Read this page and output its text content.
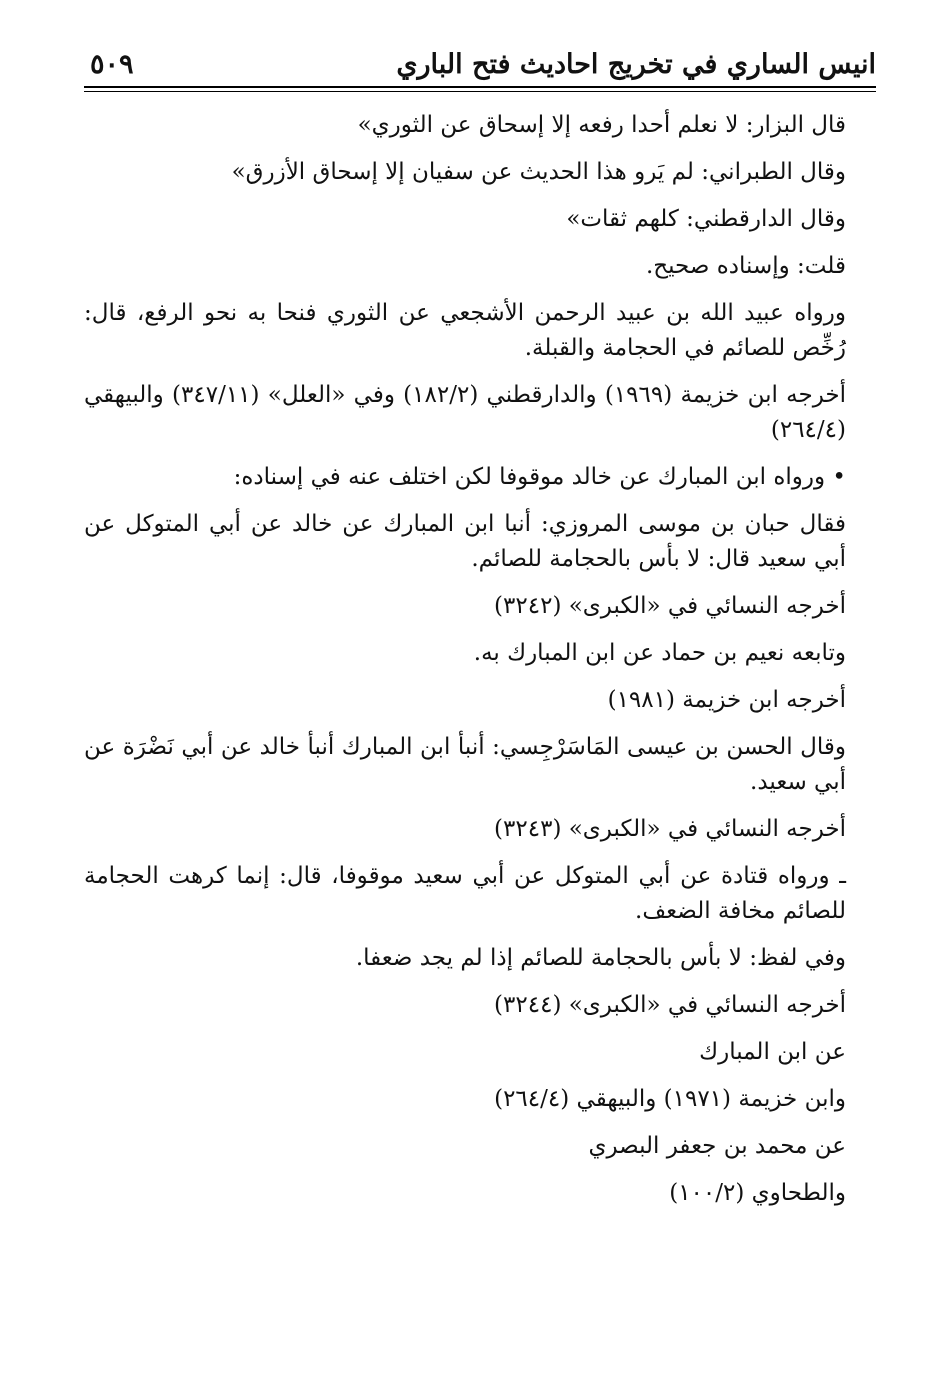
انيس الساري في تخريج احاديث فتح الباري
٥٠٩

قال البزار: لا نعلم أحدا رفعه إلا إسحاق عن الثوري»

وقال الطبراني: لم يَرو هذا الحديث عن سفيان إلا إسحاق الأزرق»

وقال الدارقطني: كلهم ثقات»

قلت: وإسناده صحيح.

ورواه عبيد الله بن عبيد الرحمن الأشجعي عن الثوري فنحا به نحو الرفع، قال: رُخِّص للصائم في الحجامة والقبلة.

أخرجه ابن خزيمة (١٩٦٩) والدارقطني (١٨٢/٢) وفي «العلل» (٣٤٧/١١) والبيهقي (٢٦٤/٤)

• ورواه ابن المبارك عن خالد موقوفا لكن اختلف عنه في إسناده:

فقال حبان بن موسى المروزي: أنبا ابن المبارك عن خالد عن أبي المتوكل عن أبي سعيد قال: لا بأس بالحجامة للصائم.

أخرجه النسائي في «الكبرى» (٣٢٤٢)

وتابعه نعيم بن حماد عن ابن المبارك به.

أخرجه ابن خزيمة (١٩٨١)

وقال الحسن بن عيسى المَاسَرْجِسي: أنبأ ابن المبارك أنبأ خالد عن أبي نَضْرَة عن أبي سعيد.

أخرجه النسائي في «الكبرى» (٣٢٤٣)

ـ ورواه قتادة عن أبي المتوكل عن أبي سعيد موقوفا، قال: إنما كرهت الحجامة للصائم مخافة الضعف.

وفي لفظ: لا بأس بالحجامة للصائم إذا لم يجد ضعفا.

أخرجه النسائي في «الكبرى» (٣٢٤٤)

عن ابن المبارك

وابن خزيمة (١٩٧١) والبيهقي (٢٦٤/٤)

عن محمد بن جعفر البصري

والطحاوي (١٠٠/٢)
